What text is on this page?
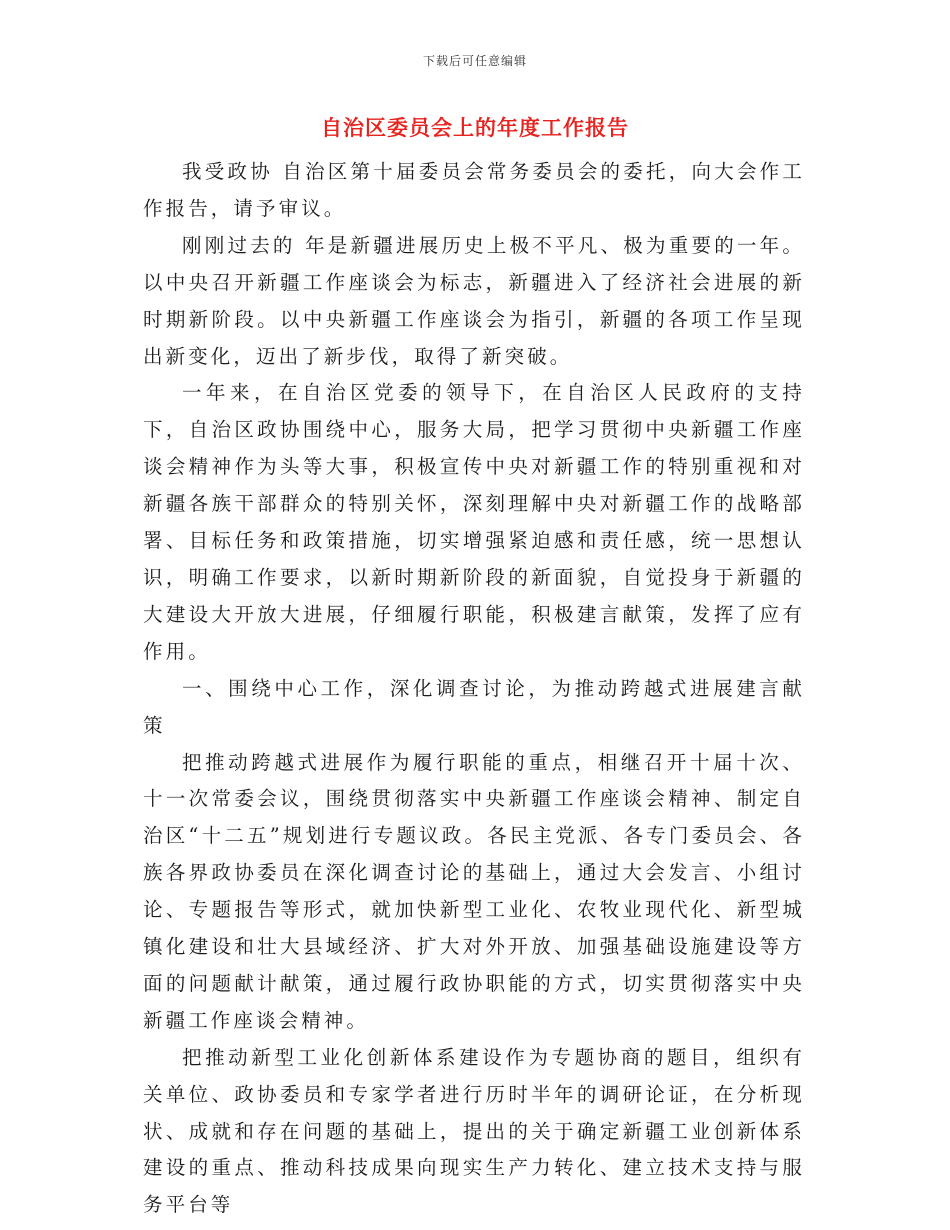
下载后可任意编辑
自治区委员会上的年度工作报告

我受政协 自治区第十届委员会常务委员会的委托，向大会作工作报告，请予审议。

刚刚过去的 年是新疆进展历史上极不平凡、极为重要的一年。以中央召开新疆工作座谈会为标志，新疆进入了经济社会进展的新时期新阶段。以中央新疆工作座谈会为指引，新疆的各项工作呈现出新变化，迈出了新步伐，取得了新突破。

一年来，在自治区党委的领导下，在自治区人民政府的支持下，自治区政协围绕中心，服务大局，把学习贯彻中央新疆工作座谈会精神作为头等大事，积极宣传中央对新疆工作的特别重视和对新疆各族干部群众的特别关怀，深刻理解中央对新疆工作的战略部署、目标任务和政策措施，切实增强紧迫感和责任感，统一思想认识，明确工作要求，以新时期新阶段的新面貌，自觉投身于新疆的大建设大开放大进展，仔细履行职能，积极建言献策，发挥了应有作用。

一、围绕中心工作，深化调查讨论，为推动跨越式进展建言献策

把推动跨越式进展作为履行职能的重点，相继召开十届十次、十一次常委会议，围绕贯彻落实中央新疆工作座谈会精神、制定自治区“十二五”规划进行专题议政。各民主党派、各专门委员会、各族各界政协委员在深化调查讨论的基础上，通过大会发言、小组讨论、专题报告等形式，就加快新型工业化、农牧业现代化、新型城镇化建设和壮大县域经济、扩大对外开放、加强基础设施建设等方面的问题献计献策，通过履行政协职能的方式，切实贯彻落实中央新疆工作座谈会精神。

把推动新型工业化创新体系建设作为专题协商的题目，组织有关单位、政协委员和专家学者进行历时半年的调研论证，在分析现状、成就和存在问题的基础上，提出的关于确定新疆工业创新体系建设的重点、推动科技成果向现实生产力转化、建立技术支持与服务平台等
